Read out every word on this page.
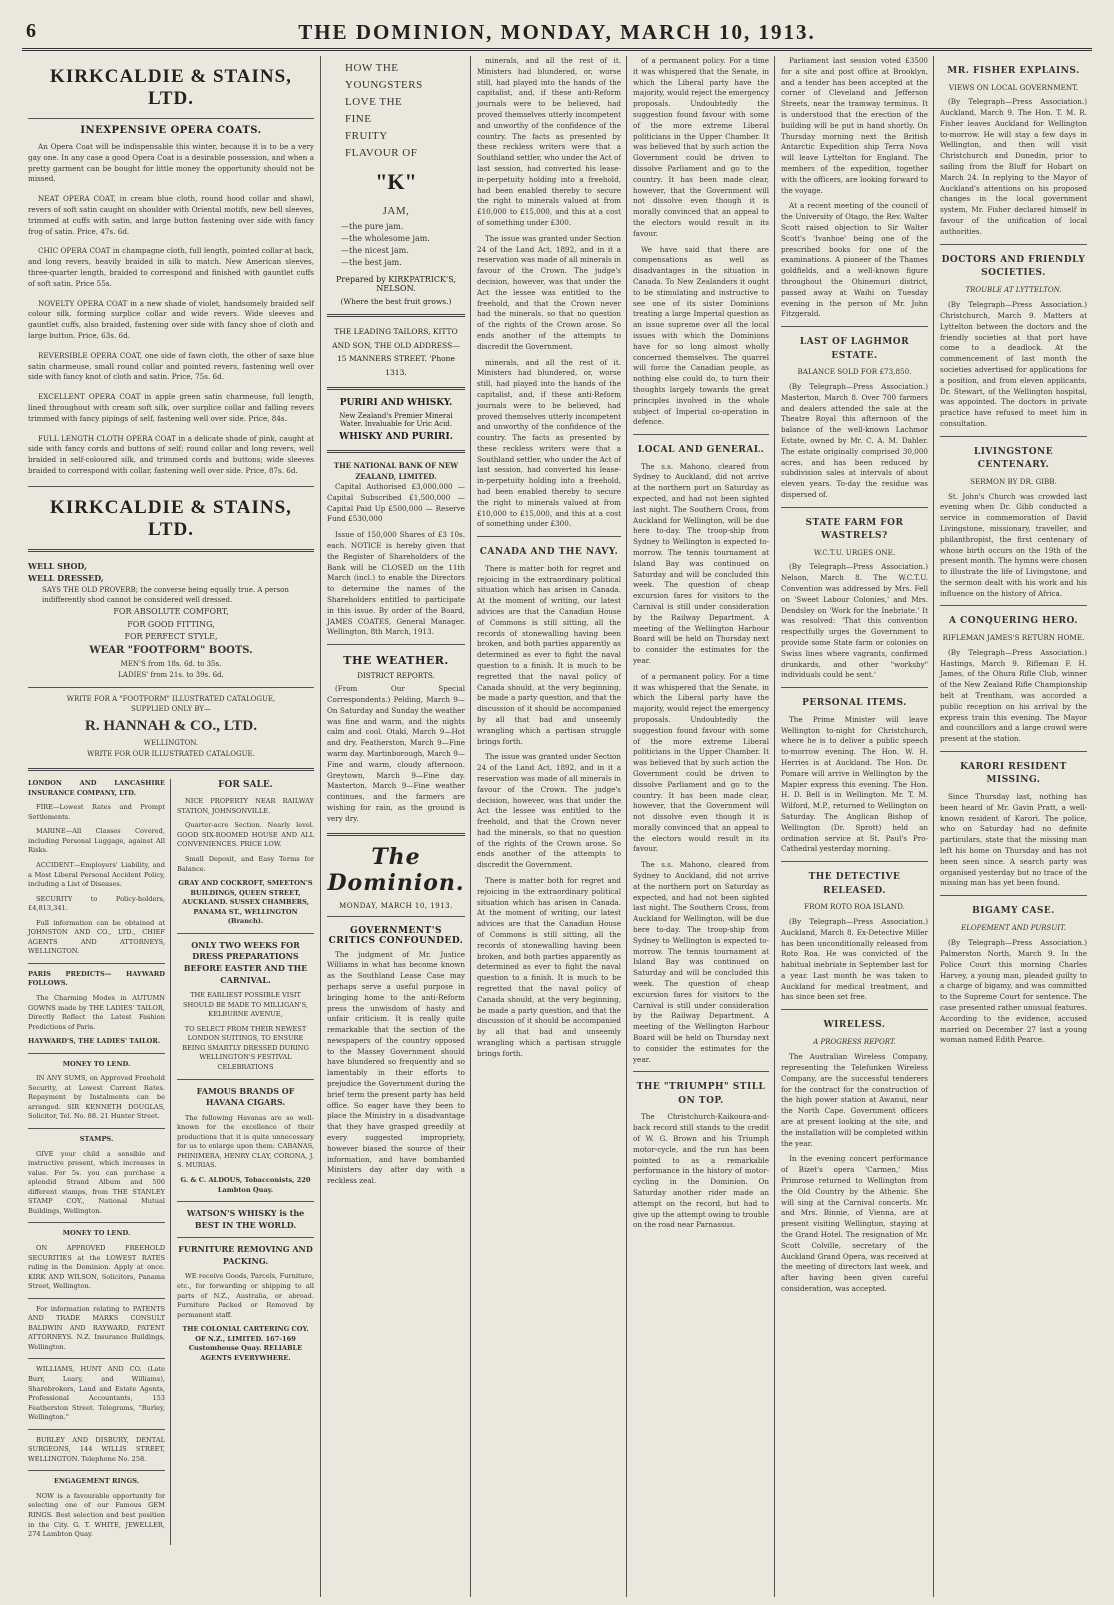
6	THE DOMINION, MONDAY, MARCH 10, 1913.
KIRKCALDIE & STAINS, LTD.
INEXPENSIVE OPERA COATS.

An Opera Coat will be indispensable this winter, because it is to be a very gay one. In any case a good Opera Coat is a desirable possession, and when a pretty garment can be bought for little money the opportunity should not be missed.

NEAT OPERA COAT, in cream blue cloth, round hood collar and shawl, revers of soft satin caught on shoulder with Oriental motifs, new bell sleeves, trimmed at cuffs with satin, and large button fastening over side with fancy frog of satin. Price, 47s. 6d.

CHIC OPERA COAT in champagne cloth, full length, pointed collar at back, and long revers, heavily braided in silk to match. New American sleeves, three-quarter length, braided to correspond and finished with gauntlet cuffs of soft satin. Price 55s.

NOVELTY OPERA COAT in a new shade of violet, handsomely braided self colour silk, forming surplice collar and wide revers. Wide sleeves and gauntlet cuffs, also braided, fastening over side with fancy shoe of cloth and large button. Price, 63s. 6d.

REVERSIBLE OPERA COAT, one side of fawn cloth, the other of saxe blue satin charmeuse, small round collar and pointed revers, fastening well over side with fancy knot of cloth and satin. Price, 75s. 6d.

EXCELLENT OPERA COAT in apple green satin charmeuse, full length, lined throughout with cream soft silk, over surplice collar and falling revers trimmed with fancy pipings of self, fastening well over side. Price, 84s.

FULL LENGTH CLOTH OPERA COAT in a delicate shade of pink, caught at side with fancy cords and buttons of self; round collar and long revers, well braided in self-coloured silk, and trimmed cords and buttons; wide sleeves braided to correspond with collar, fastening well over side. Price, 87s. 6d.

KIRKCALDIE & STAINS, LTD.
WELL SHOD,
WELL DRESSED,
SAYS THE OLD PROVERB; the converse being equally true. A person indifferently shod cannot be considered well dressed.
FOR ABSOLUTE COMFORT,
FOR GOOD FITTING,
FOR PERFECT STYLE,
WEAR "FOOTFORM" BOOTS.
MEN'S from 18s. 6d. to 35s.
LADIES' from 21s. to 39s. 6d.
WRITE FOR A "FOOTFORM" ILLUSTRATED CATALOGUE,
SUPPLIED ONLY BY—
R. HANNAH & CO., LTD.
WELLINGTON.
WRITE FOR OUR ILLUSTRATED CATALOGUE.

LONDON AND LANCASHIRE INSURANCE COMPANY, LTD.

FIRE—Lowest Rates and Prompt Settlements.

MARINE—All Classes Covered, including Personal Luggage, against All Risks.

ACCIDENT—Employers' Liability, and a Most Liberal Personal Accident Policy, including a List of Diseases.

SECURITY to Policy-holders, £4,813,341.

Full information can be obtained at JOHNSTON AND CO., LTD., CHIEF AGENTS AND ATTORNEYS, WELLINGTON.

PARIS PREDICTS— HAYWARD FOLLOWS.

The Charming Modes in AUTUMN GOWNS made by THE LADIES' TAILOR, Directly Reflect the Latest Fashion Predictions of Paris.

HAYWARD'S, THE LADIES' TAILOR.

MONEY TO LEND.

IN ANY SUMS, on Approved Freehold Security, at Lowest Current Rates. Repayment by Instalments can be arranged. SIR KENNETH DOUGLAS, Solicitor, Tel. No. 88. 21 Hunter Street.

STAMPS.

GIVE your child a sensible and instructive present, which increases in value. For 5s. you can purchase a splendid Strand Album and 500 different stamps, from THE STANLEY STAMP COY., National Mutual Buildings, Wellington.

MONEY TO LEND.

ON APPROVED FREEHOLD SECURITIES at the LOWEST RATES ruling in the Dominion. Apply at once. KIRK AND WILSON, Solicitors, Panama Street, Wellington.

For information relating to PATENTS AND TRADE MARKS CONSULT BALDWIN AND RAYWARD, PATENT ATTORNEYS. N.Z. Insurance Buildings, Wellington.

WILLIAMS, HUNT AND CO. (Late Burr, Leary, and Williams), Sharebrokers, Land and Estate Agents, Professional Accountants, 153 Featherston Street. Telegrams, "Burley, Wellington."

BURLEY AND DISBURY, DENTAL SURGEONS, 144 WILLIS STREET, WELLINGTON. Telephone No. 258.

ENGAGEMENT RINGS.

NOW is a favourable opportunity for selecting one of our Famous GEM RINGS. Best selection and best position in the City. G. T. WHITE, JEWELLER, 274 Lambton Quay.

FOR SALE.

NICE PROPERTY NEAR RAILWAY STATION, JOHNSONVILLE.

Quarter-acre Section. Nearly level. GOOD SIX-ROOMED HOUSE AND ALL CONVENIENCES. PRICE LOW.

Small Deposit, and Easy Terms for Balance.

GRAY AND COCKROFT, SMEETON'S BUILDINGS, QUEEN STREET, AUCKLAND. SUSSEX CHAMBERS, PANAMA ST., WELLINGTON (Branch).

ONLY TWO WEEKS FOR DRESS PREPARATIONS BEFORE EASTER AND THE CARNIVAL.

THE EARLIEST POSSIBLE VISIT SHOULD BE MADE TO MILLIGAN'S, KELBURNE AVENUE,

TO SELECT FROM THEIR NEWEST LONDON SUITINGS, TO ENSURE BEING SMARTLY DRESSED DURING WELLINGTON'S FESTIVAL CELEBRATIONS

FAMOUS BRANDS OF HAVANA CIGARS.

The following Havanas are so well-known for the excellence of their productions that it is quite unnecessary for us to enlarge upon them: CABANAS, PHINIMERA, HENRY CLAY, CORONA, J. S. MURIAS.

G. & C. ALDOUS, Tobacconists, 220 Lambton Quay.

WATSON'S WHISKY is the BEST IN THE WORLD.

FURNITURE REMOVING AND PACKING.

WE receive Goods, Parcels, Furniture, etc., for forwarding or shipping to all parts of N.Z., Australia, or abroad. Furniture Packed or Removed by permanent staff.

THE COLONIAL CARTERING COY. OF N.Z., LIMITED. 167-169 Customhouse Quay. RELIABLE AGENTS EVERYWHERE.

HOW THE
YOUNGSTERS
LOVE THE
FINE
FRUITY
FLAVOUR OF
"K"
JAM,
—the pure jam.
—the wholesome jam.
—the nicest jam.
—the best jam.
Prepared by KIRKPATRICK'S, NELSON.
(Where the best fruit grows.)
THE LEADING TAILORS, KITTO AND SON, THE OLD ADDRESS— 15 MANNERS STREET. 'Phone 1313.
PURIRI AND WHISKY.
New Zealand's Premier Mineral Water. Invaluable for Uric Acid.
WHISKY AND PURIRI.
THE NATIONAL BANK OF NEW ZEALAND, LIMITED.

Capital Authorised £3,000,000 — Capital Subscribed £1,500,000 — Capital Paid Up £500,000 — Reserve Fund £530,000

Issue of 150,000 Shares of £3 10s. each. NOTICE is hereby given that the Register of Shareholders of the Bank will be CLOSED on the 11th March (incl.) to enable the Directors to determine the names of the Shareholders entitled to participate in this issue. By order of the Board, JAMES COATES, General Manager. Wellington, 8th March, 1913.

THE WEATHER.
DISTRICT REPORTS.

(From Our Special Correspondents.) Pelding, March 9—On Saturday and Sunday the weather was fine and warm, and the nights calm and cool. Otaki, March 9—Hot and dry. Featherston, March 9—Fine warm day. Martinborough, March 9—Fine and warm, cloudy afternoon. Greytown, March 9—Fine day. Masterton, March 9—Fine weather continues, and the farmers are wishing for rain, as the ground is very dry.

The Dominion.
MONDAY, MARCH 10, 1913.
GOVERNMENT'S CRITICS CONFOUNDED.

The judgment of Mr. Justice Williams in what has become known as the Southland Lease Case may perhaps serve a useful purpose in bringing home to the anti-Reform press the unwisdom of hasty and unfair criticism. It is really quite remarkable that the section of the newspapers of the country opposed to the Massey Government should have blundered so frequently and so lamentably in their efforts to prejudice the Government during the brief term the present party has held office. So eager have they been to place the Ministry in a disadvantage that they have grasped greedily at every suggested impropriety, however biased the source of their information, and have bombarded Ministers day after day with a reckless zeal.

minerals, and all the rest of it. Ministers had blundered, or, worse still, had played into the hands of the capitalist, and, if these anti-Reform journals were to be believed, had proved themselves utterly incompetent and unworthy of the confidence of the country. The facts as presented by these reckless writers were that a Southland settler, who under the Act of last session, had converted his lease-in-perpetuity holding into a freehold, had been enabled thereby to secure the right to minerals valued at from £10,000 to £15,000, and this at a cost of something under £300.

The issue was granted under Section 24 of the Land Act, 1892, and in it a reservation was made of all minerals in favour of the Crown. The judge's decision, however, was that under the Act the lessee was entitled to the freehold, and that the Crown never had the minerals, so that no question of the rights of the Crown arose. So ends another of the attempts to discredit the Government.

minerals, and all the rest of it. Ministers had blundered, or, worse still, had played into the hands of the capitalist, and, if these anti-Reform journals were to be believed, had proved themselves utterly incompetent and unworthy of the confidence of the country. The facts as presented by these reckless writers were that a Southland settler, who under the Act of last session, had converted his lease-in-perpetuity holding into a freehold, had been enabled thereby to secure the right to minerals valued at from £10,000 to £15,000, and this at a cost of something under £300.

CANADA AND THE NAVY.

There is matter both for regret and rejoicing in the extraordinary political situation which has arisen in Canada. At the moment of writing, our latest advices are that the Canadian House of Commons is still sitting, all the records of stonewalling having been broken, and both parties apparently as determined as ever to fight the naval question to a finish. It is much to be regretted that the naval policy of Canada should, at the very beginning, be made a party question, and that the discussion of it should be accompanied by all that bad and unseemly wrangling which a partisan struggle brings forth.

The issue was granted under Section 24 of the Land Act, 1892, and in it a reservation was made of all minerals in favour of the Crown. The judge's decision, however, was that under the Act the lessee was entitled to the freehold, and that the Crown never had the minerals, so that no question of the rights of the Crown arose. So ends another of the attempts to discredit the Government.

There is matter both for regret and rejoicing in the extraordinary political situation which has arisen in Canada. At the moment of writing, our latest advices are that the Canadian House of Commons is still sitting, all the records of stonewalling having been broken, and both parties apparently as determined as ever to fight the naval question to a finish. It is much to be regretted that the naval policy of Canada should, at the very beginning, be made a party question, and that the discussion of it should be accompanied by all that bad and unseemly wrangling which a partisan struggle brings forth.

of a permanent policy. For a time it was whispered that the Senate, in which the Liberal party have the majority, would reject the emergency proposals. Undoubtedly the suggestion found favour with some of the more extreme Liberal politicians in the Upper Chamber. It was believed that by such action the Government could be driven to dissolve Parliament and go to the country. It has been made clear, however, that the Government will not dissolve even though it is morally convinced that an appeal to the electors would result in its favour.

We have said that there are compensations as well as disadvantages in the situation in Canada. To New Zealanders it ought to be stimulating and instructive to see one of its sister Dominions treating a large Imperial question as an issue supreme over all the local issues with which the Dominions have for so long almost wholly concerned themselves. The quarrel will force the Canadian people, as nothing else could do, to turn their thoughts largely towards the great principles involved in the whole subject of Imperial co-operation in defence.

LOCAL AND GENERAL.

The s.s. Mahono, cleared from Sydney to Auckland, did not arrive at the northern port on Saturday as expected, and had not been sighted last night. The Southern Cross, from Auckland for Wellington, will be due here to-day. The troop-ship from Sydney to Wellington is expected to-morrow. The tennis tournament at Island Bay was continued on Saturday and will be concluded this week. The question of cheap excursion fares for visitors to the Carnival is still under consideration by the Railway Department. A meeting of the Wellington Harbour Board will be held on Thursday next to consider the estimates for the year.

of a permanent policy. For a time it was whispered that the Senate, in which the Liberal party have the majority, would reject the emergency proposals. Undoubtedly the suggestion found favour with some of the more extreme Liberal politicians in the Upper Chamber. It was believed that by such action the Government could be driven to dissolve Parliament and go to the country. It has been made clear, however, that the Government will not dissolve even though it is morally convinced that an appeal to the electors would result in its favour.

The s.s. Mahono, cleared from Sydney to Auckland, did not arrive at the northern port on Saturday as expected, and had not been sighted last night. The Southern Cross, from Auckland for Wellington, will be due here to-day. The troop-ship from Sydney to Wellington is expected to-morrow. The tennis tournament at Island Bay was continued on Saturday and will be concluded this week. The question of cheap excursion fares for visitors to the Carnival is still under consideration by the Railway Department. A meeting of the Wellington Harbour Board will be held on Thursday next to consider the estimates for the year.

THE "TRIUMPH" STILL ON TOP.

The Christchurch-Kaikoura-and-back record still stands to the credit of W. G. Brown and his Triumph motor-cycle, and the run has been pointed to as a remarkable performance in the history of motor-cycling in the Dominion. On Saturday another rider made an attempt on the record, but had to give up the attempt owing to trouble on the road near Parnassus.

Parliament last session voted £3500 for a site and post office at Brooklyn, and a tender has been accepted at the corner of Cleveland and Jefferson Streets, near the tramway terminus. It is understood that the erection of the building will be put in hand shortly. On Thursday morning next the British Antarctic Expedition ship Terra Nova will leave Lyttelton for England. The members of the expedition, together with the officers, are looking forward to the voyage.

At a recent meeting of the council of the University of Otago, the Rev. Walter Scott raised objection to Sir Walter Scott's 'Ivanhoe' being one of the prescribed books for one of the examinations. A pioneer of the Thames goldfields, and a well-known figure throughout the Ohinemuri district, passed away at Waihi on Tuesday evening in the person of Mr. John Fitzgerald.

LAST OF LAGHMOR ESTATE.
BALANCE SOLD FOR £73,850.

(By Telegraph—Press Association.) Masterton, March 8. Over 700 farmers and dealers attended the sale at the Theatre Royal this afternoon of the balance of the well-known Lachmor Estate, owned by Mr. C. A. M. Dahler. The estate originally comprised 30,000 acres, and has been reduced by subdivision sales at intervals of about eleven years. To-day the residue was dispersed of.

STATE FARM FOR WASTRELS?
W.C.T.U. URGES ONE.

(By Telegraph—Press Association.) Nelson, March 8. The W.C.T.U. Convention was addressed by Mrs. Fell on 'Sweet Labour Colonies,' and Mrs. Dendsley on 'Work for the Inebriate.' It was resolved: 'That this convention respectfully urges the Government to provide some State farm or colonies on Swiss lines where vagrants, confirmed drunkards, and other "workshy" individuals could be sent.'

PERSONAL ITEMS.

The Prime Minister will leave Wellington to-night for Christchurch, where he is to deliver a public speech to-morrow evening. The Hon. W. H. Herries is at Auckland. The Hon. Dr. Pomare will arrive in Wellington by the Mapier express this evening. The Hon. H. D. Bell is in Wellington. Mr. T. M. Wilford, M.P., returned to Wellington on Saturday. The Anglican Bishop of Wellington (Dr. Sprott) held an ordination service at St. Paul's Pro-Cathedral yesterday morning.

THE DETECTIVE RELEASED.
FROM ROTO ROA ISLAND.

(By Telegraph—Press Association.) Auckland, March 8. Ex-Detective Miller has been unconditionally released from Roto Roa. He was convicted of the habitual inebriate in September last for a year. Last month he was taken to Auckland for medical treatment, and has since been set free.

WIRELESS.
A PROGRESS REPORT.

The Australian Wireless Company, representing the Telefunken Wireless Company, are the successful tenderers for the contract for the construction of the high power station at Awanui, near the North Cape. Government officers are at present looking at the site, and the installation will be completed within the year.

In the evening concert performance of Bizet's opera 'Carmen,' Miss Primrose returned to Wellington from the Old Country by the Athenic. She will sing at the Carnival concerts. Mr. and Mrs. Binnie, of Vienna, are at present visiting Wellington, staying at the Grand Hotel. The resignation of Mr. Scott Colville, secretary of the Auckland Grand Opera, was received at the meeting of directors last week, and after having been given careful consideration, was accepted.

MR. FISHER EXPLAINS.
VIEWS ON LOCAL GOVERNMENT.

(By Telegraph—Press Association.) Auckland, March 9. The Hon. T. M. R. Fisher leaves Auckland for Wellington to-morrow. He will stay a few days in Wellington, and then will visit Christchurch and Dunedin, prior to sailing from the Bluff for Hobart on March 24. In replying to the Mayor of Auckland's attentions on his proposed changes in the local government system, Mr. Fisher declared himself in favour of the unification of local authorities.

DOCTORS AND FRIENDLY SOCIETIES.
TROUBLE AT LYTTELTON.

(By Telegraph—Press Association.) Christchurch, March 9. Matters at Lyttelton between the doctors and the friendly societies at that port have come to a deadlock. At the commencement of last month the societies advertised for applications for a position, and from eleven applicants, Dr. Stewart, of the Wellington hospital, was appointed. The doctors in private practice have refused to meet him in consultation.

LIVINGSTONE CENTENARY.
SERMON BY DR. GIBB.

St. John's Church was crowded last evening when Dr. Gibb conducted a service in commemoration of David Livingstone, missionary, traveller, and philanthropist, the first centenary of whose birth occurs on the 19th of the present month. The hymns were chosen to illustrate the life of Livingstone, and the sermon dealt with his work and his influence on the history of Africa.

A CONQUERING HERO.
RIFLEMAN JAMES'S RETURN HOME.

(By Telegraph—Press Association.) Hastings, March 9. Rifleman F. H. James, of the Ohura Rifle Club, winner of the New Zealand Rifle Championship belt at Trentham, was accorded a public reception on his arrival by the express train this evening. The Mayor and councillors and a large crowd were present at the station.

KARORI RESIDENT MISSING.

Since Thursday last, nothing has been heard of Mr. Gavin Pratt, a well-known resident of Karori. The police, who on Saturday had no definite particulars, state that the missing man left his home on Thursday and has not been seen since. A search party was organised yesterday but no trace of the missing man has yet been found.

BIGAMY CASE.
ELOPEMENT AND PURSUIT.

(By Telegraph—Press Association.) Palmerston North, March 9. In the Police Court this morning Charles Harvey, a young man, pleaded guilty to a charge of bigamy, and was committed to the Supreme Court for sentence. The case presented rather unusual features. According to the evidence, accused married on December 27 last a young woman named Edith Pearce.
